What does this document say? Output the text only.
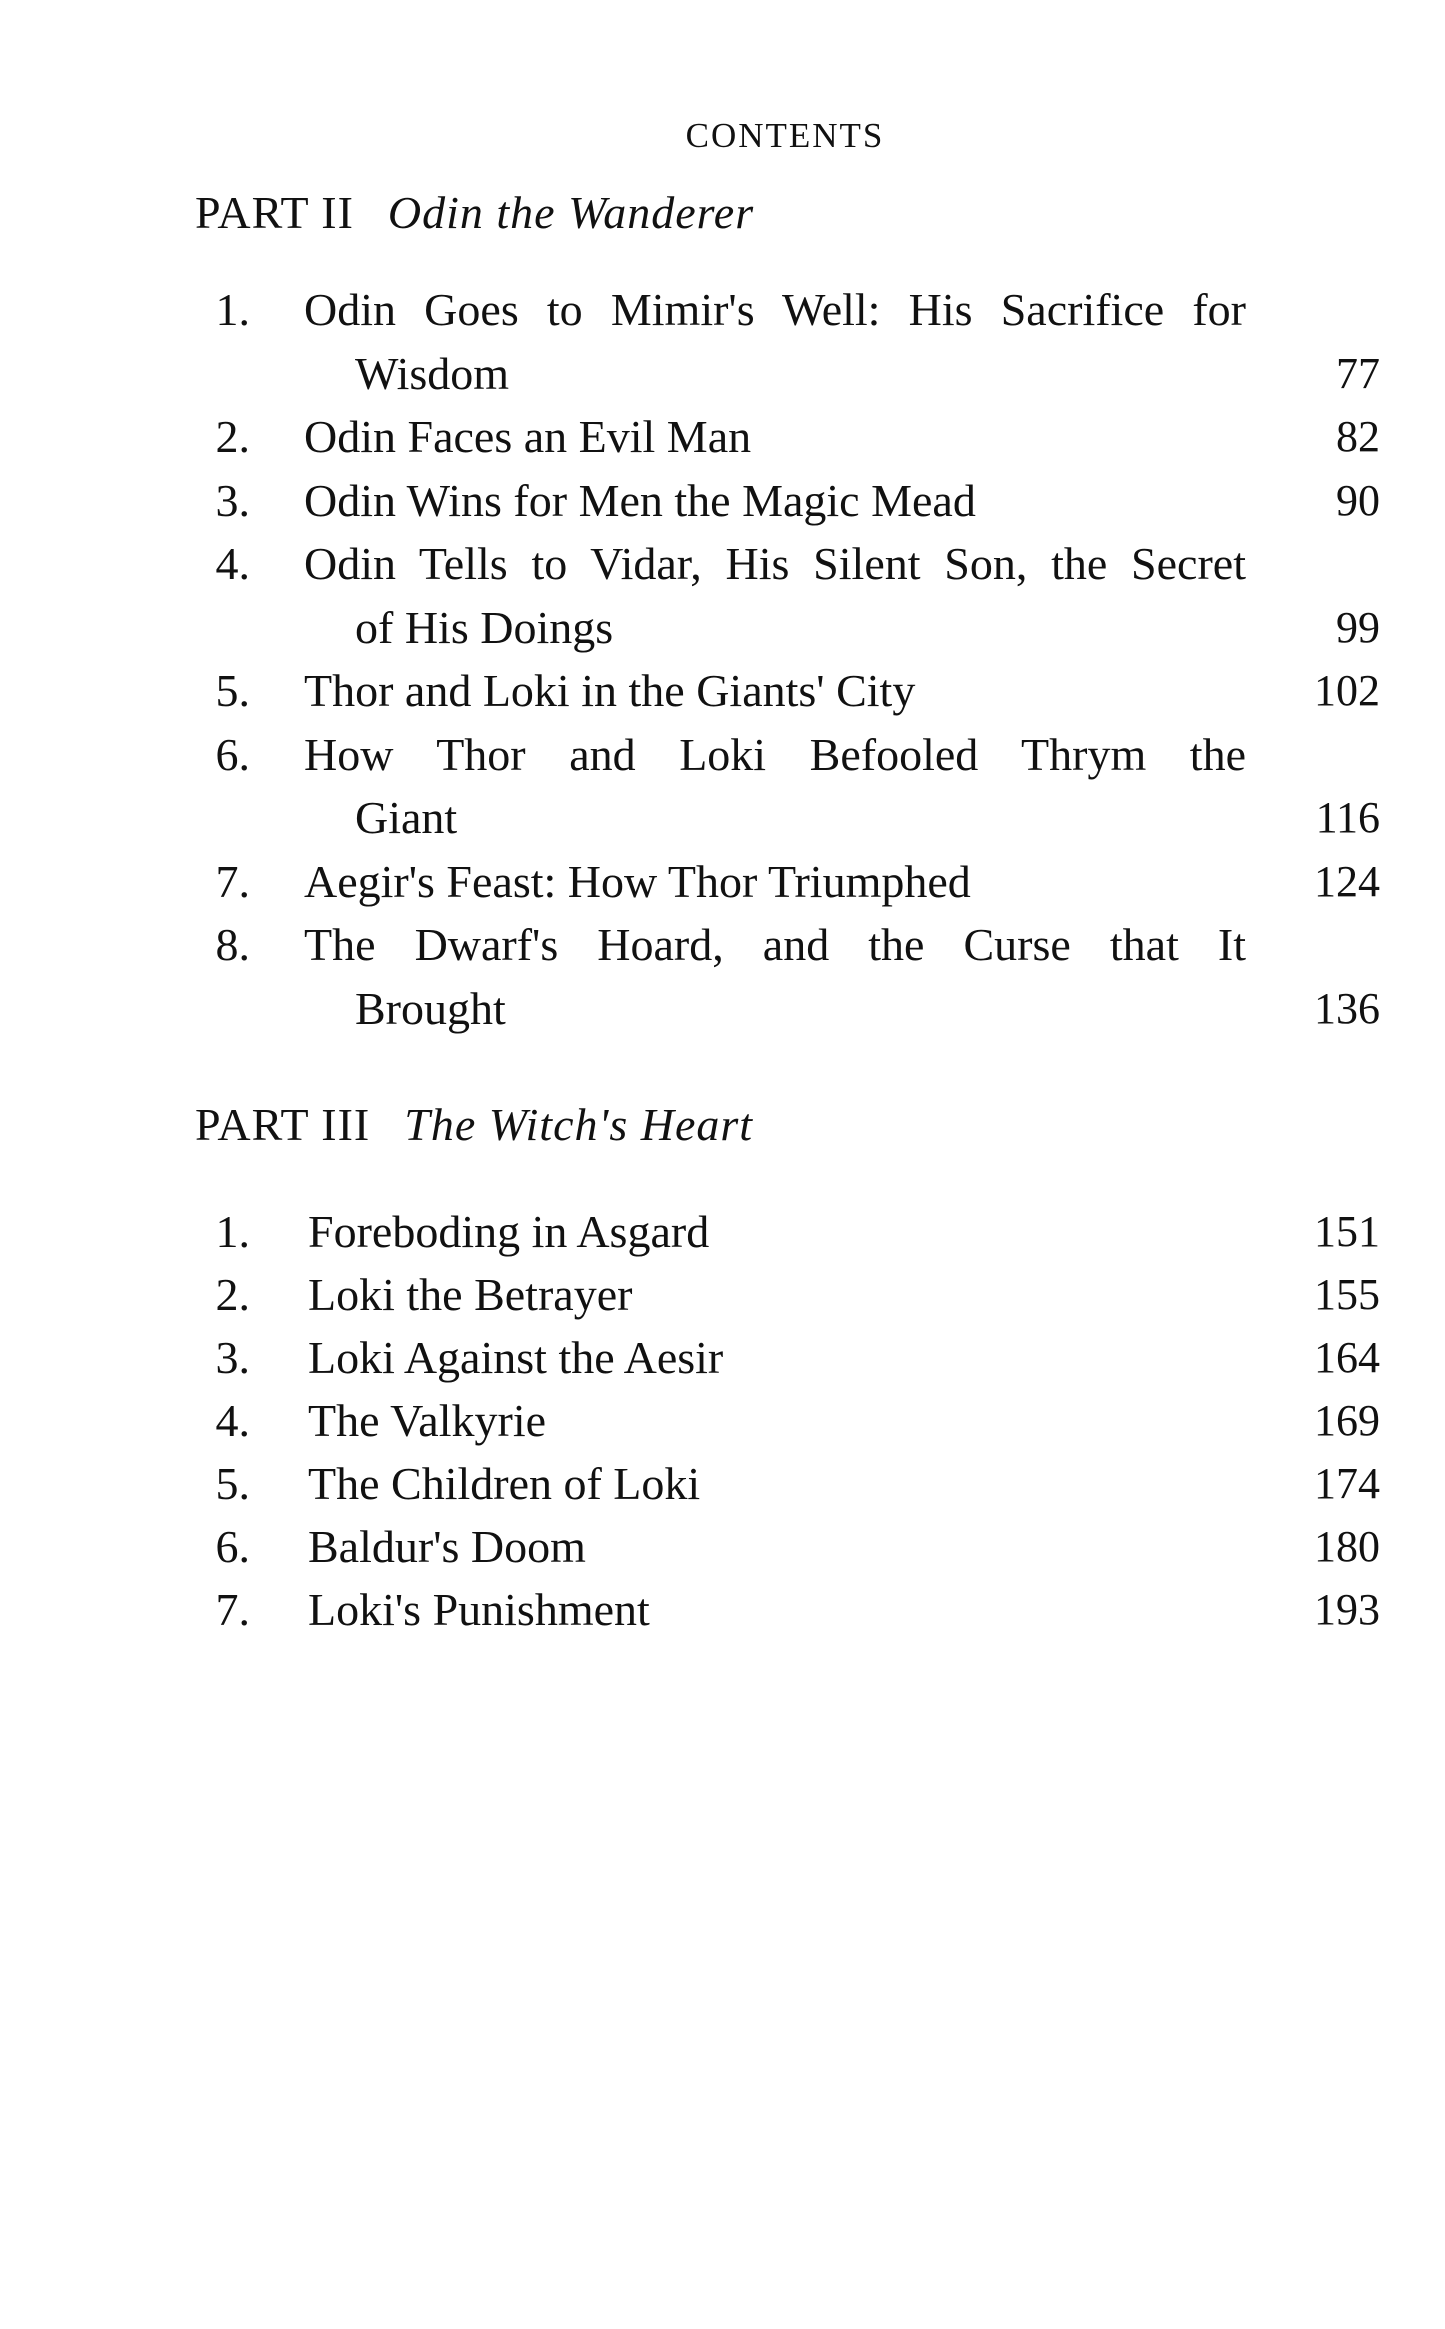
CONTENTS
PART II Odin the Wanderer
1. Odin Goes to Mimir's Well: His Sacrifice for
Wisdom	77
2. Odin Faces an Evil Man	82
3. Odin Wins for Men the Magic Mead	90
4. Odin Tells to Vidar, His Silent Son, the Secret
of His Doings	99
5. Thor and Loki in the Giants' City	102
6. How Thor and Loki Befooled Thrym the
Giant	116
7. Aegir's Feast: How Thor Triumphed	124
8. The Dwarf's Hoard, and the Curse that It
Brought	136
PART III The Witch's Heart
1. Foreboding in Asgard	151
2. Loki the Betrayer	155
3. Loki Against the Aesir	164
4. The Valkyrie	169
5. The Children of Loki	174
6. Baldur's Doom	180
7. Loki's Punishment	193
